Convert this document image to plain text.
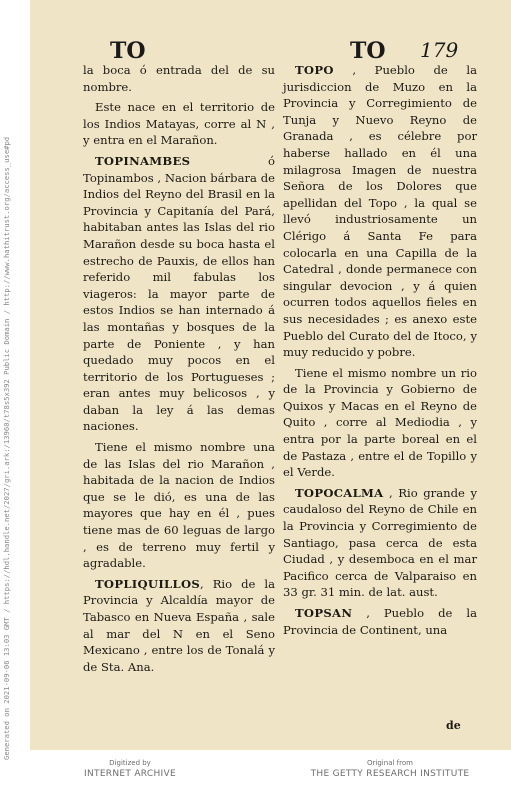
Generated on 2021-09-06 13:03 GMT / https://hdl.handle.net/2027/gri.ark:/13960/t78s5x392 Public Domain / http://www.hathitrust.org/access_use#pd
TO	TO 179

la boca ó entrada del de su nombre.

Este nace en el territorio de los Indios Matayas, corre al N , y entra en el Marañon.

TOPINAMBES ó Topinambos , Nacion bárbara de Indios del Reyno del Brasil en la Provincia y Capitanía del Pará, habitaban antes las Islas del rio Marañon desde su boca hasta el estrecho de Pauxis, de ellos han referido mil fabulas los viageros: la mayor parte de estos Indios se han internado á las montañas y bosques de la parte de Poniente , y han quedado muy pocos en el territorio de los Portugueses ; eran antes muy belicosos , y daban la ley á las demas naciones.

Tiene el mismo nombre una de las Islas del rio Marañon , habitada de la nacion de Indios que se le dió, es una de las mayores que hay en él , pues tiene mas de 60 leguas de largo , es de terreno muy fertil y agradable.

TOPLIQUILLOS, Rio de la Provincia y Alcaldía mayor de Tabasco en Nueva España , sale al mar del N en el Seno Mexicano , entre los de Tonalá y de Sta. Ana.

TOPO , Pueblo de la jurisdiccion de Muzo en la Provincia y Corregimiento de Tunja y Nuevo Reyno de Granada , es célebre por haberse hallado en él una milagrosa Imagen de nuestra Señora de los Dolores que apellidan del Topo , la qual se llevó industriosamente un Clérigo á Santa Fe para colocarla en una Capilla de la Catedral , donde permanece con singular devocion , y á quien ocurren todos aquellos fieles en sus necesidades ; es anexo este Pueblo del Curato del de Itoco, y muy reducido y pobre.

Tiene el mismo nombre un rio de la Provincia y Gobierno de Quixos y Macas en el Reyno de Quito , corre al Mediodia , y entra por la parte boreal en el de Pastaza , entre el de Topillo y el Verde.

TOPOCALMA , Rio grande y caudaloso del Reyno de Chile en la Provincia y Corregimiento de Santiago, pasa cerca de esta Ciudad , y desemboca en el mar Pacifico cerca de Valparaiso en 33 gr. 31 min. de lat. aust.

TOPSAN , Pueblo de la Provincia de Continent, una

de
Digitized by
INTERNET ARCHIVE
Original from
THE GETTY RESEARCH INSTITUTE
